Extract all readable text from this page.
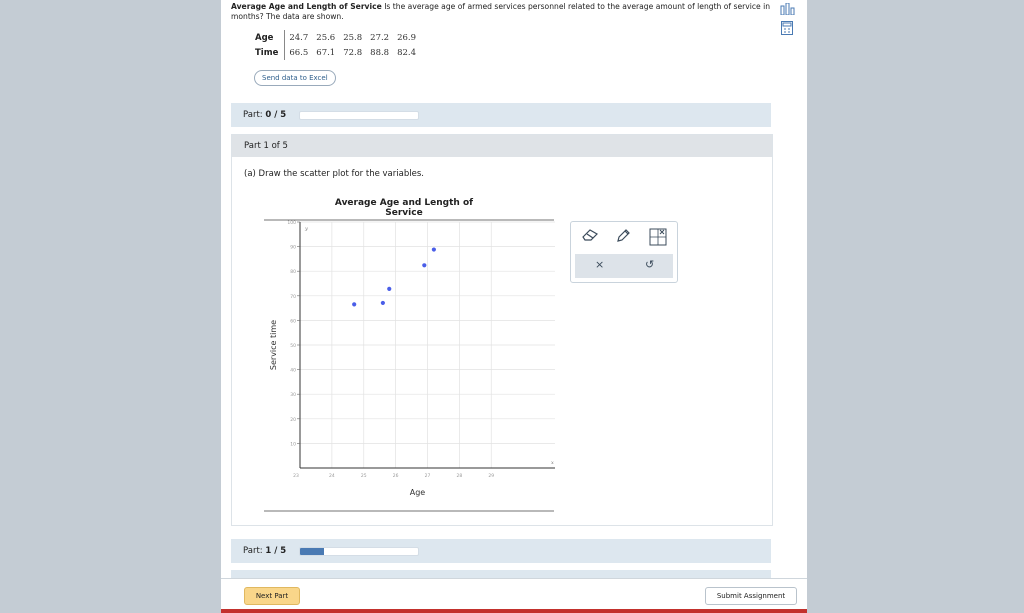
Average Age and Length of Service Is the average age of armed services personnel related to the average amount of length of service in months? The data are shown.
Age	24.7	25.6	25.8	27.2	26.9
Time	66.5	67.1	72.8	88.8	82.4
Send data to Excel
Part: 0 / 5
Part 1 of 5
(a) Draw the scatter plot for the variables.
Average Age and Length of Service
10
20
30
40
50
60
70
80
90
100
23	24	25	26	27	28	29
y
x
Age
Service time
×	↺
Part: 1 / 5
Next Part	Submit Assignment
